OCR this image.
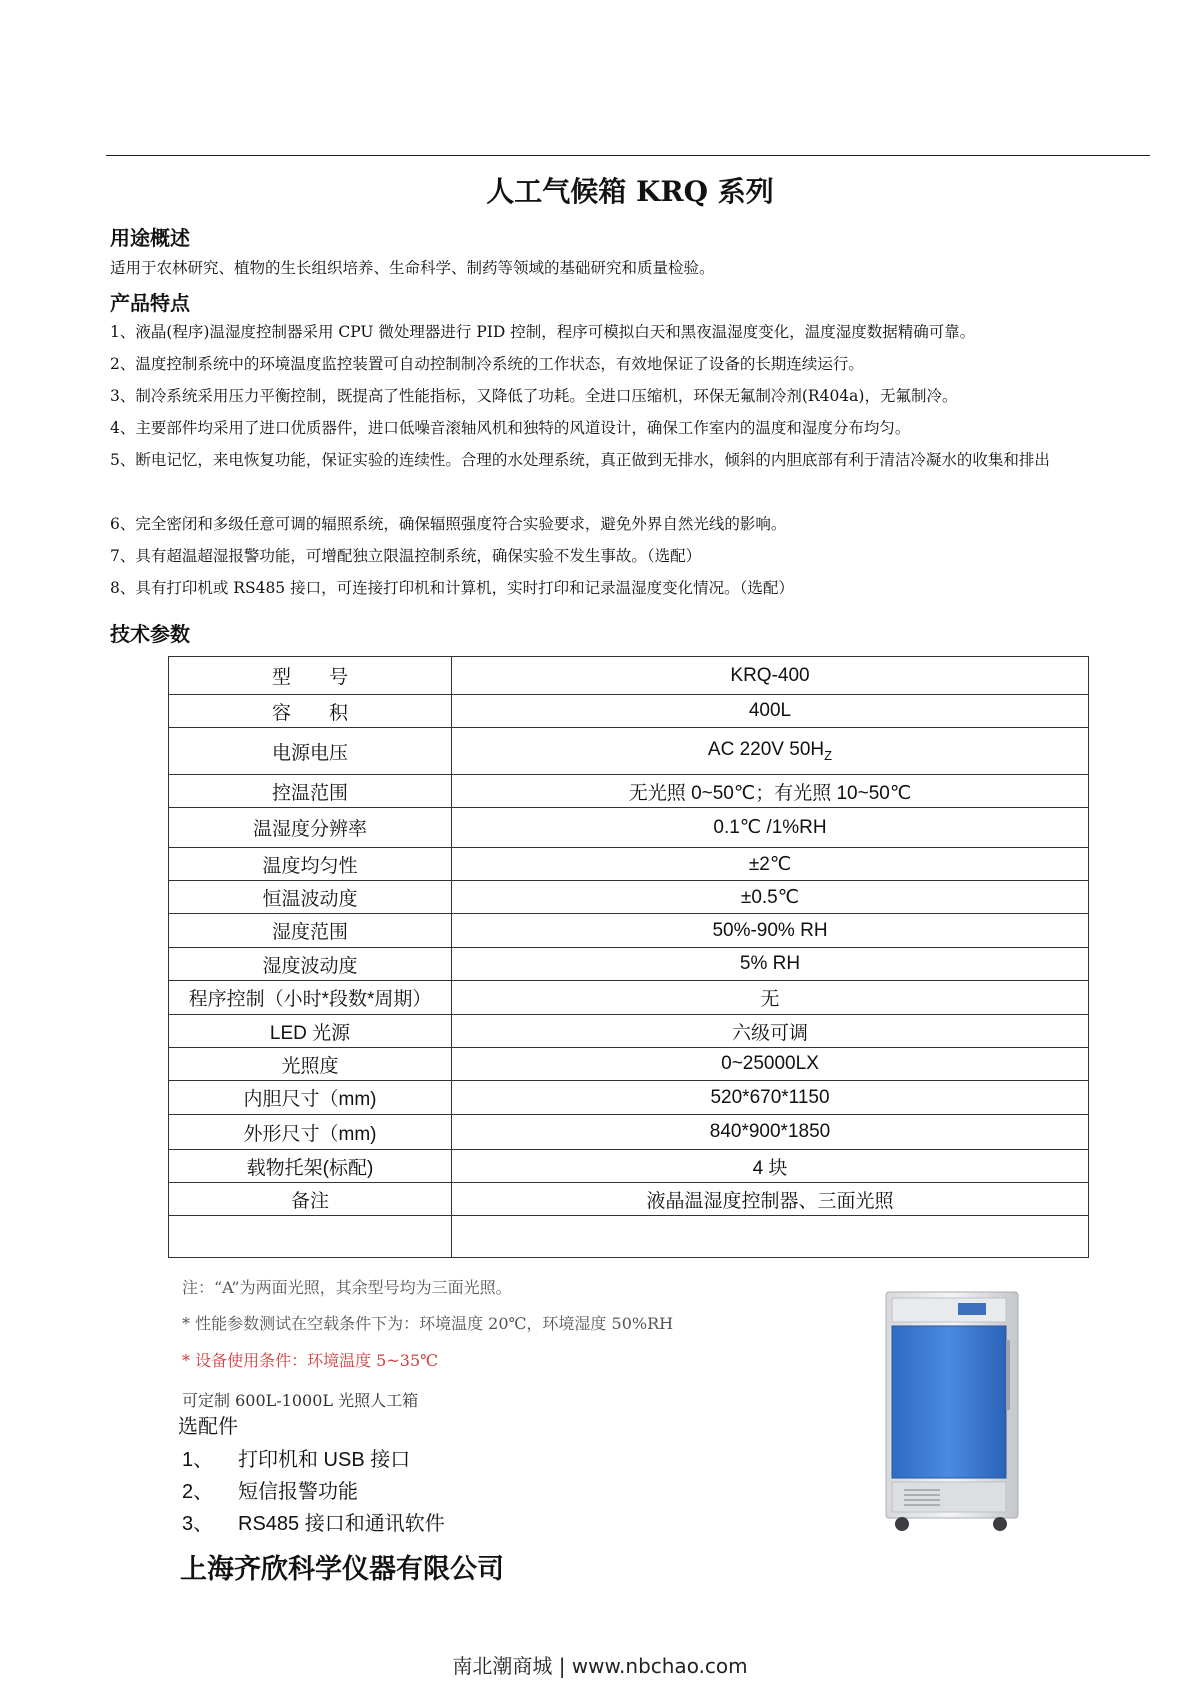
人工气候箱 KRQ 系列
用途概述
适用于农林研究、植物的生长组织培养、生命科学、制药等领域的基础研究和质量检验。
产品特点
1、液晶(程序)温湿度控制器采用 CPU 微处理器进行 PID 控制，程序可模拟白天和黑夜温湿度变化，温度湿度数据精确可靠。
2、温度控制系统中的环境温度监控装置可自动控制制冷系统的工作状态，有效地保证了设备的长期连续运行。
3、制冷系统采用压力平衡控制，既提高了性能指标，又降低了功耗。全进口压缩机，环保无氟制冷剂(R404a)，无氟制冷。
4、主要部件均采用了进口优质器件，进口低噪音滚轴风机和独特的风道设计，确保工作室内的温度和湿度分布均匀。
5、断电记忆，来电恢复功能，保证实验的连续性。合理的水处理系统，真正做到无排水，倾斜的内胆底部有利于清洁冷凝水的收集和排出
6、完全密闭和多级任意可调的辐照系统，确保辐照强度符合实验要求，避免外界自然光线的影响。
7、具有超温超湿报警功能，可增配独立限温控制系统，确保实验不发生事故。（选配）
8、具有打印机或 RS485 接口，可连接打印机和计算机，实时打印和记录温湿度变化情况。（选配）
技术参数
型　　号	KRQ-400
容　　积	400L
电源电压	AC 220V $50H_Z$
控温范围	无光照 0~50℃；有光照 10~50℃
温湿度分辨率	0.1℃ /1%RH
温度均匀性	±2℃
恒温波动度	±0.5℃
湿度范围	50%-90% RH
湿度波动度	5% RH
程序控制（小时*段数*周期）	无
LED 光源	六级可调
光照度	0~25000LX
内胆尺寸（mm)	520*670*1150
外形尺寸（mm)	840*900*1850
载物托架(标配)	4 块
备注	液晶温湿度控制器、三面光照

注：“A”为两面光照，其余型号均为三面光照。
* 性能参数测试在空载条件下为：环境温度 20℃，环境湿度 50%RH
* 设备使用条件：环境温度 5~35℃
可定制 600L-1000L 光照人工箱
选配件
1、 打印机和 USB 接口
2、 短信报警功能
3、 RS485 接口和通讯软件
上海齐欣科学仪器有限公司
南北潮商城 | www.nbchao.com
